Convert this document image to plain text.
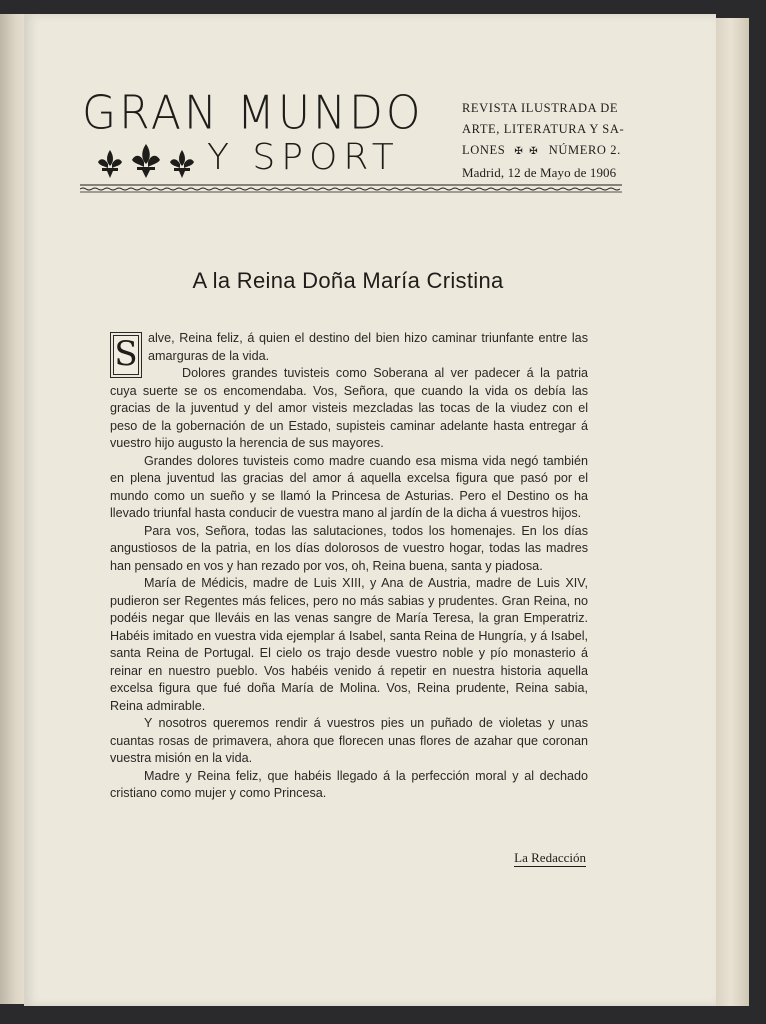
GRAN MUNDO
Y SPORT
REVISTA ILUSTRADA DE
ARTE, LITERATURA Y SA-
LONES ✠ ✠ NÚMERO 2.
Madrid, 12 de Mayo de 1906
A la Reina Doña María Cristina

S alve, Reina feliz, á quien el destino del bien hizo caminar triunfante entre las amarguras de la vida.

Dolores grandes tuvisteis como Soberana al ver padecer á la patria cuya suerte se os encomendaba. Vos, Señora, que cuando la vida os debía las gracias de la juventud y del amor visteis mezcladas las tocas de la viudez con el peso de la gobernación de un Estado, supisteis caminar adelante hasta entregar á vuestro hijo augusto la herencia de sus mayores.

Grandes dolores tuvisteis como madre cuando esa misma vida negó también en plena juventud las gracias del amor á aquella excelsa figura que pasó por el mundo como un sueño y se llamó la Princesa de Asturias. Pero el Destino os ha llevado triunfal hasta conducir de vuestra mano al jardín de la dicha á vuestros hijos.

Para vos, Señora, todas las salutaciones, todos los homenajes. En los días angustiosos de la patria, en los días dolorosos de vuestro hogar, todas las madres han pensado en vos y han rezado por vos, oh, Reina buena, santa y piadosa.

María de Médicis, madre de Luis XIII, y Ana de Austria, madre de Luis XIV, pudieron ser Regentes más felices, pero no más sabias y prudentes. Gran Reina, no podéis negar que lleváis en las venas sangre de María Teresa, la gran Emperatriz. Habéis imitado en vuestra vida ejemplar á Isabel, santa Reina de Hungría, y á Isabel, santa Reina de Portugal. El cielo os trajo desde vuestro noble y pío monasterio á reinar en nuestro pueblo. Vos habéis venido á repetir en nuestra historia aquella excelsa figura que fué doña María de Molina. Vos, Reina prudente, Reina sabia, Reina admirable.

Y nosotros queremos rendir á vuestros pies un puñado de violetas y unas cuantas rosas de primavera, ahora que florecen unas flores de azahar que coronan vuestra misión en la vida.

Madre y Reina feliz, que habéis llegado á la perfección moral y al dechado cristiano como mujer y como Princesa.

La Redacción
